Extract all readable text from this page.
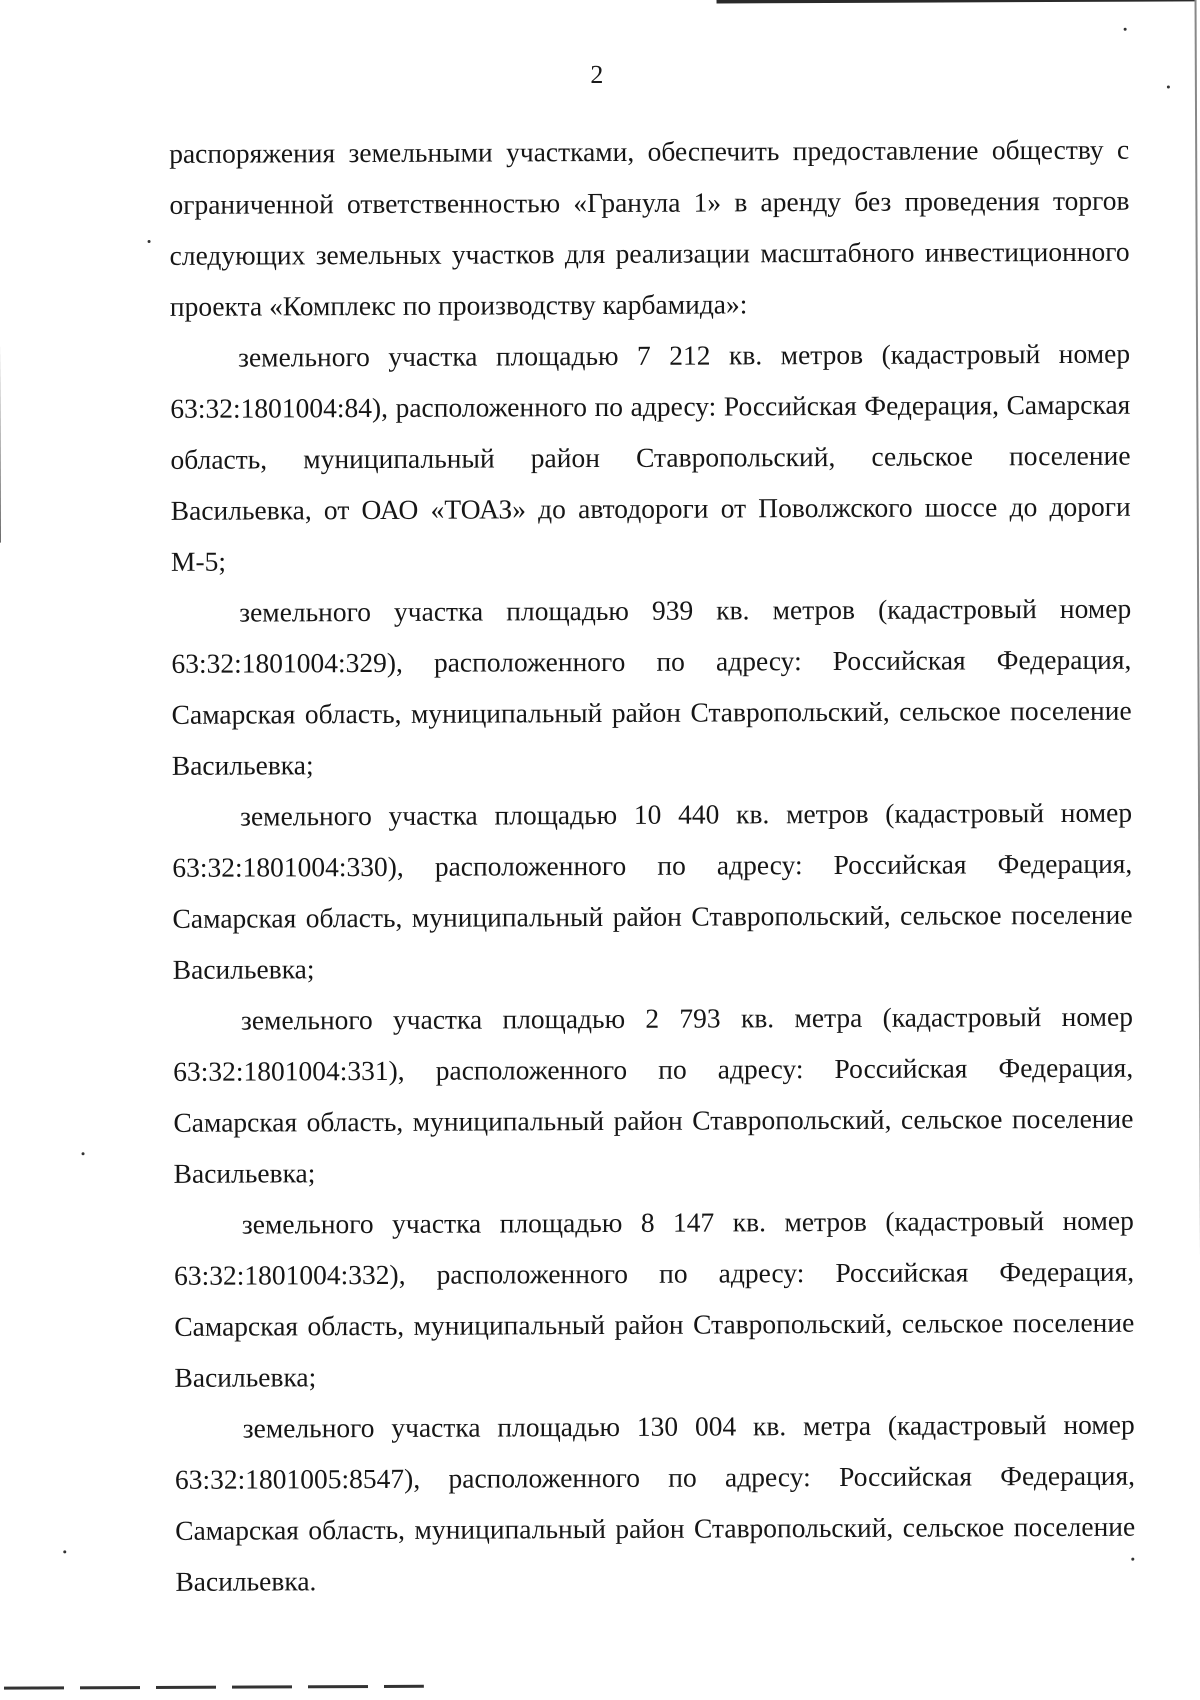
2

распоряжения земельными участками, обеспечить предоставление обществу с ограниченной ответственностью «Гранула 1» в аренду без проведения торгов следующих земельных участков для реализации масштабного инвестиционного проекта «Комплекс по производству карбамида»:

земельного участка площадью 7 212 кв. метров (кадастровый номер 63:32:1801004:84), расположенного по адресу: Российская Федерация, Самарская область, муниципальный район Ставропольский, сельское поселение Васильевка, от ОАО «ТОАЗ» до автодороги от Поволжского шоссе до дороги М-5;

земельного участка площадью 939 кв. метров (кадастровый номер 63:32:1801004:329), расположенного по адресу: Российская Федерация, Самарская область, муниципальный район Ставропольский, сельское поселение Васильевка;

земельного участка площадью 10 440 кв. метров (кадастровый номер 63:32:1801004:330), расположенного по адресу: Российская Федерация, Самарская область, муниципальный район Ставропольский, сельское поселение Васильевка;

земельного участка площадью 2 793 кв. метра (кадастровый номер 63:32:1801004:331), расположенного по адресу: Российская Федерация, Самарская область, муниципальный район Ставропольский, сельское поселение Васильевка;

земельного участка площадью 8 147 кв. метров (кадастровый номер 63:32:1801004:332), расположенного по адресу: Российская Федерация, Самарская область, муниципальный район Ставропольский, сельское поселение Васильевка;

земельного участка площадью 130 004 кв. метра (кадастровый номер 63:32:1801005:8547), расположенного по адресу: Российская Федерация, Самарская область, муниципальный район Ставропольский, сельское поселение Васильевка.
